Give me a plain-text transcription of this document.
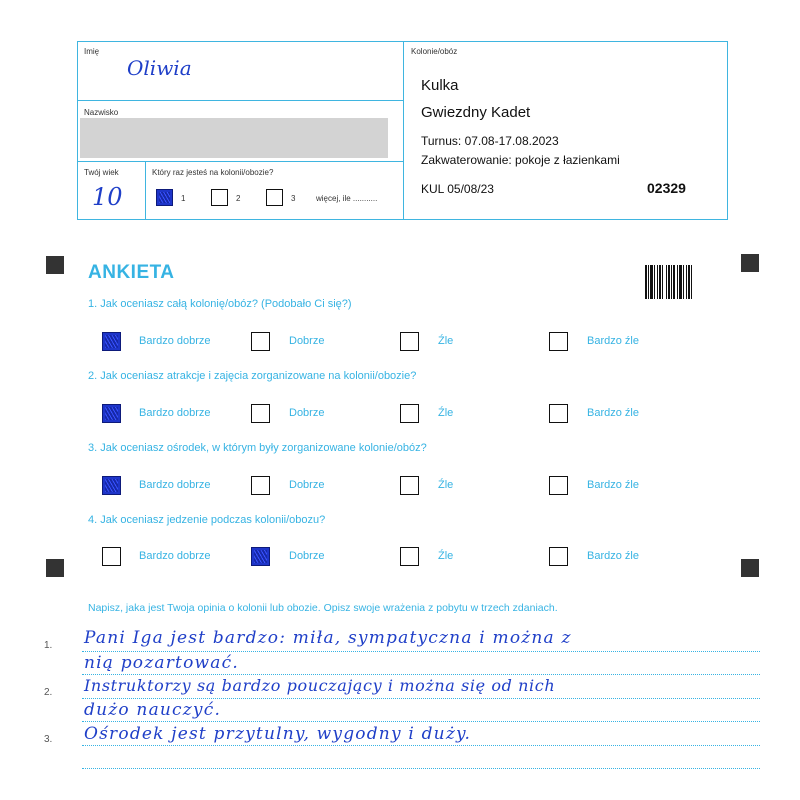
Imię
Oliwia
Nazwisko
Twój wiek
10
Który raz jesteś na kolonii/obozie?
1	2	3	więcej, ile ...........
Kolonie/obóz
Kulka
Gwiezdny Kadet
Turnus: 07.08-17.08.2023
Zakwaterowanie: pokoje z łazienkami
KUL 05/08/23	02329
ANKIETA
1. Jak oceniasz całą kolonię/obóz? (Podobało Ci się?)
2. Jak oceniasz atrakcje i zajęcia zorganizowane na kolonii/obozie?
3. Jak oceniasz ośrodek, w którym były zorganizowane kolonie/obóz?
4. Jak oceniasz jedzenie podczas kolonii/obozu?
Bardzo dobrze	Dobrze	Źle	Bardzo źle
Bardzo dobrze	Dobrze	Źle	Bardzo źle
Bardzo dobrze	Dobrze	Źle	Bardzo źle
Bardzo dobrze	Dobrze	Źle	Bardzo źle
Napisz, jaka jest Twoja opinia o kolonii lub obozie. Opisz swoje wrażenia z pobytu w trzech zdaniach.
1.
2.
3.
Pani Iga jest bardzo: miła, sympatyczna i można z
nią pozartować.
Instruktorzy są bardzo pouczający i można się od nich
dużo nauczyć.
Ośrodek jest przytulny, wygodny i duży.
